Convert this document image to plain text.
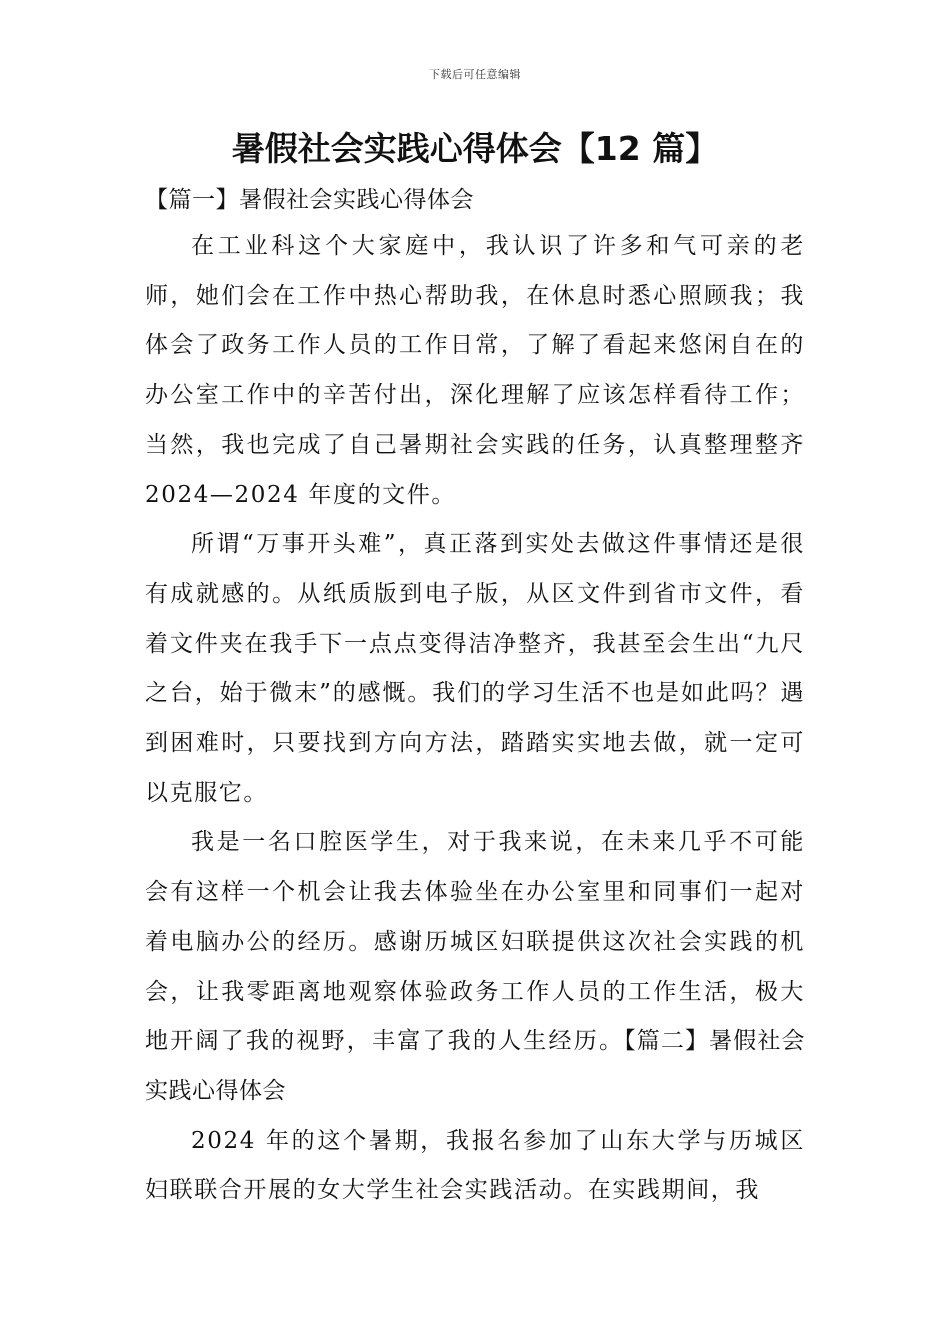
下载后可任意编辑
暑假社会实践心得体会【12 篇】
【篇一】暑假社会实践心得体会

在工业科这个大家庭中，我认识了许多和气可亲的老师，她们会在工作中热心帮助我，在休息时悉心照顾我；我体会了政务工作人员的工作日常，了解了看起来悠闲自在的办公室工作中的辛苦付出，深化理解了应该怎样看待工作；当然，我也完成了自己暑期社会实践的任务，认真整理整齐 2024—2024 年度的文件。

所谓“万事开头难”，真正落到实处去做这件事情还是很有成就感的。从纸质版到电子版，从区文件到省市文件，看着文件夹在我手下一点点变得洁净整齐，我甚至会生出“九尺之台，始于微末”的感慨。我们的学习生活不也是如此吗？遇到困难时，只要找到方向方法，踏踏实实地去做，就一定可以克服它。

我是一名口腔医学生，对于我来说，在未来几乎不可能会有这样一个机会让我去体验坐在办公室里和同事们一起对着电脑办公的经历。感谢历城区妇联提供这次社会实践的机会，让我零距离地观察体验政务工作人员的工作生活，极大地开阔了我的视野，丰富了我的人生经历。【篇二】暑假社会实践心得体会

2024 年的这个暑期，我报名参加了山东大学与历城区妇联联合开展的女大学生社会实践活动。在实践期间，我
